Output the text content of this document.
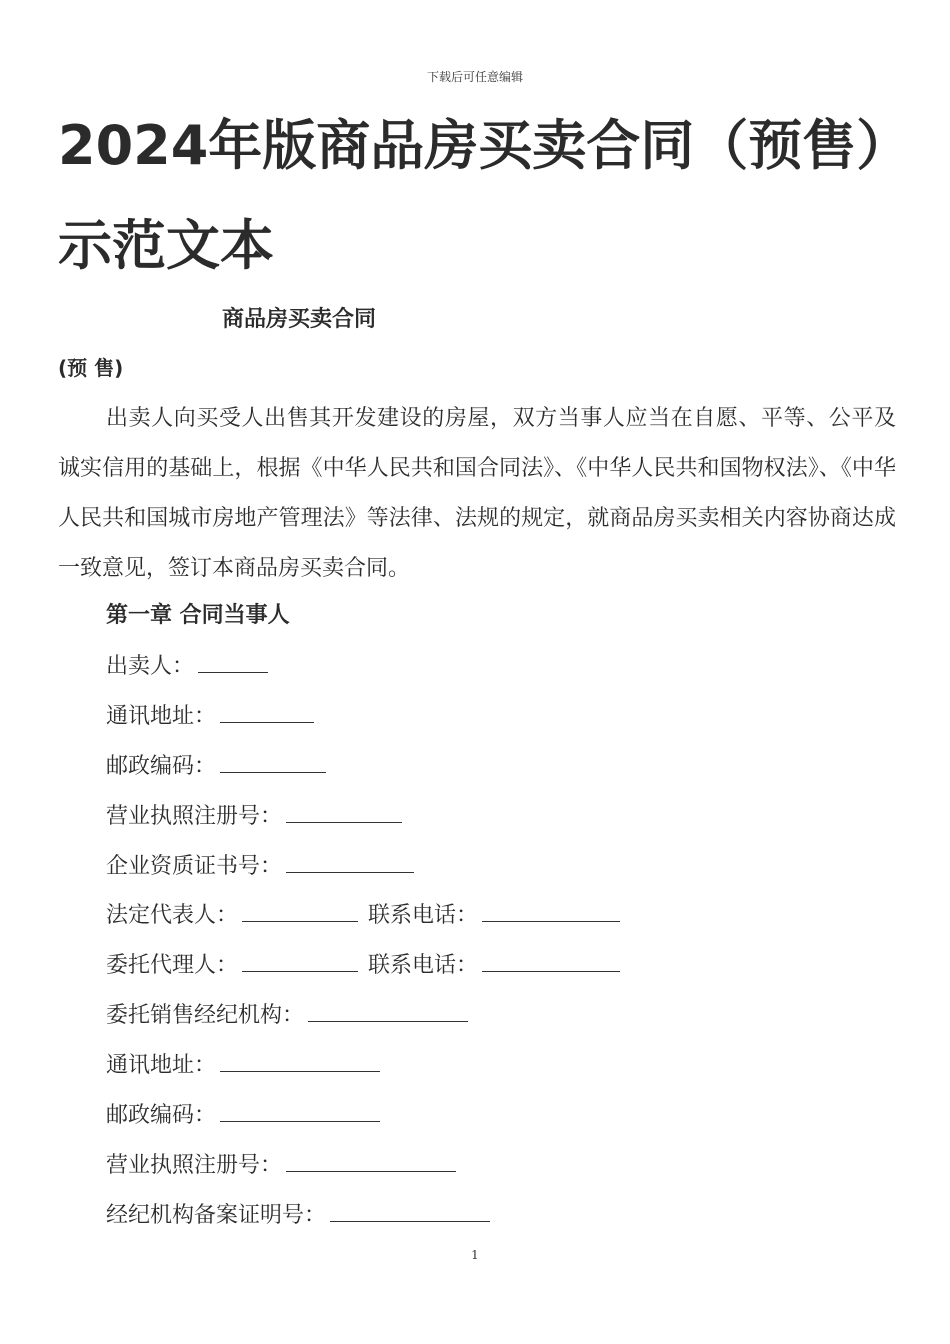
下载后可任意编辑
2024年版商品房买卖合同（预售）示范文本
商品房买卖合同
(预 售)

出卖人向买受人出售其开发建设的房屋，双方当事人应当在自愿、平等、公平及诚实信用的基础上，根据《中华人民共和国合同法》、《中华人民共和国物权法》、《中华人民共和国城市房地产管理法》等法律、法规的规定，就商品房买卖相关内容协商达成一致意见，签订本商品房买卖合同。

第一章 合同当事人
出卖人：
通讯地址：
邮政编码：
营业执照注册号：
企业资质证书号：
法定代表人：	联系电话：
委托代理人：	联系电话：
委托销售经纪机构：
通讯地址：
邮政编码：
营业执照注册号：
经纪机构备案证明号：
1
